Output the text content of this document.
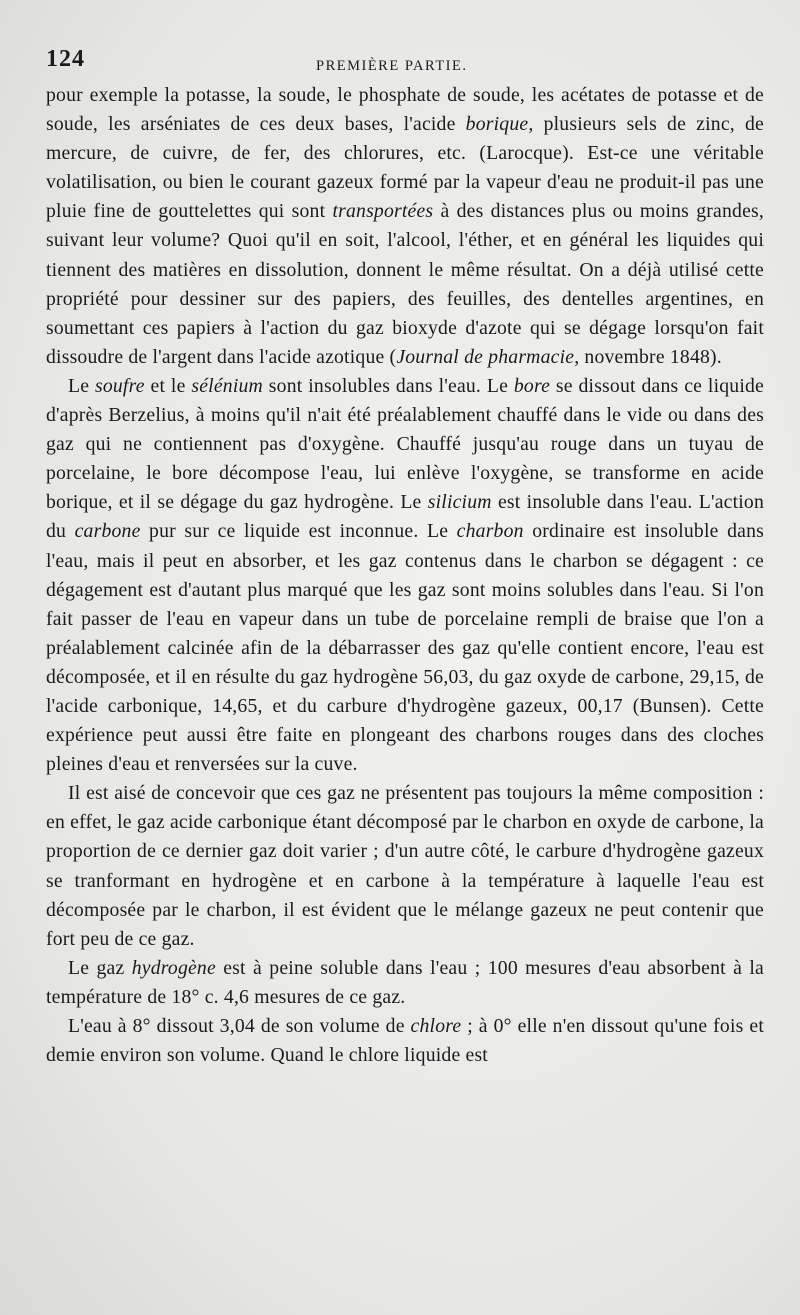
124	PREMIÈRE PARTIE.

pour exemple la potasse, la soude, le phosphate de soude, les acétates de potasse et de soude, les arséniates de ces deux bases, l'acide borique, plusieurs sels de zinc, de mercure, de cuivre, de fer, des chlorures, etc. (Larocque). Est-ce une véritable volatilisation, ou bien le courant gazeux formé par la vapeur d'eau ne produit-il pas une pluie fine de gouttelettes qui sont transportées à des distances plus ou moins grandes, suivant leur volume? Quoi qu'il en soit, l'alcool, l'éther, et en général les liquides qui tiennent des matières en dissolution, donnent le même résultat. On a déjà utilisé cette propriété pour dessiner sur des papiers, des feuilles, des dentelles argentines, en soumettant ces papiers à l'action du gaz bioxyde d'azote qui se dégage lorsqu'on fait dissoudre de l'argent dans l'acide azotique (Journal de pharmacie, novembre 1848).

Le soufre et le sélénium sont insolubles dans l'eau. Le bore se dissout dans ce liquide d'après Berzelius, à moins qu'il n'ait été préalablement chauffé dans le vide ou dans des gaz qui ne contiennent pas d'oxygène. Chauffé jusqu'au rouge dans un tuyau de porcelaine, le bore décompose l'eau, lui enlève l'oxygène, se transforme en acide borique, et il se dégage du gaz hydrogène. Le silicium est insoluble dans l'eau. L'action du carbone pur sur ce liquide est inconnue. Le charbon ordinaire est insoluble dans l'eau, mais il peut en absorber, et les gaz contenus dans le charbon se dégagent : ce dégagement est d'autant plus marqué que les gaz sont moins solubles dans l'eau. Si l'on fait passer de l'eau en vapeur dans un tube de porcelaine rempli de braise que l'on a préalablement calcinée afin de la débarrasser des gaz qu'elle contient encore, l'eau est décomposée, et il en résulte du gaz hydrogène 56,03, du gaz oxyde de carbone, 29,15, de l'acide carbonique, 14,65, et du carbure d'hydrogène gazeux, 00,17 (Bunsen). Cette expérience peut aussi être faite en plongeant des charbons rouges dans des cloches pleines d'eau et renversées sur la cuve.

Il est aisé de concevoir que ces gaz ne présentent pas toujours la même composition : en effet, le gaz acide carbonique étant décomposé par le charbon en oxyde de carbone, la proportion de ce dernier gaz doit varier ; d'un autre côté, le carbure d'hydrogène gazeux se tranformant en hydrogène et en carbone à la température à laquelle l'eau est décomposée par le charbon, il est évident que le mélange gazeux ne peut contenir que fort peu de ce gaz.

Le gaz hydrogène est à peine soluble dans l'eau ; 100 mesures d'eau absorbent à la température de 18° c. 4,6 mesures de ce gaz.

L'eau à 8° dissout 3,04 de son volume de chlore ; à 0° elle n'en dissout qu'une fois et demie environ son volume. Quand le chlore liquide est
